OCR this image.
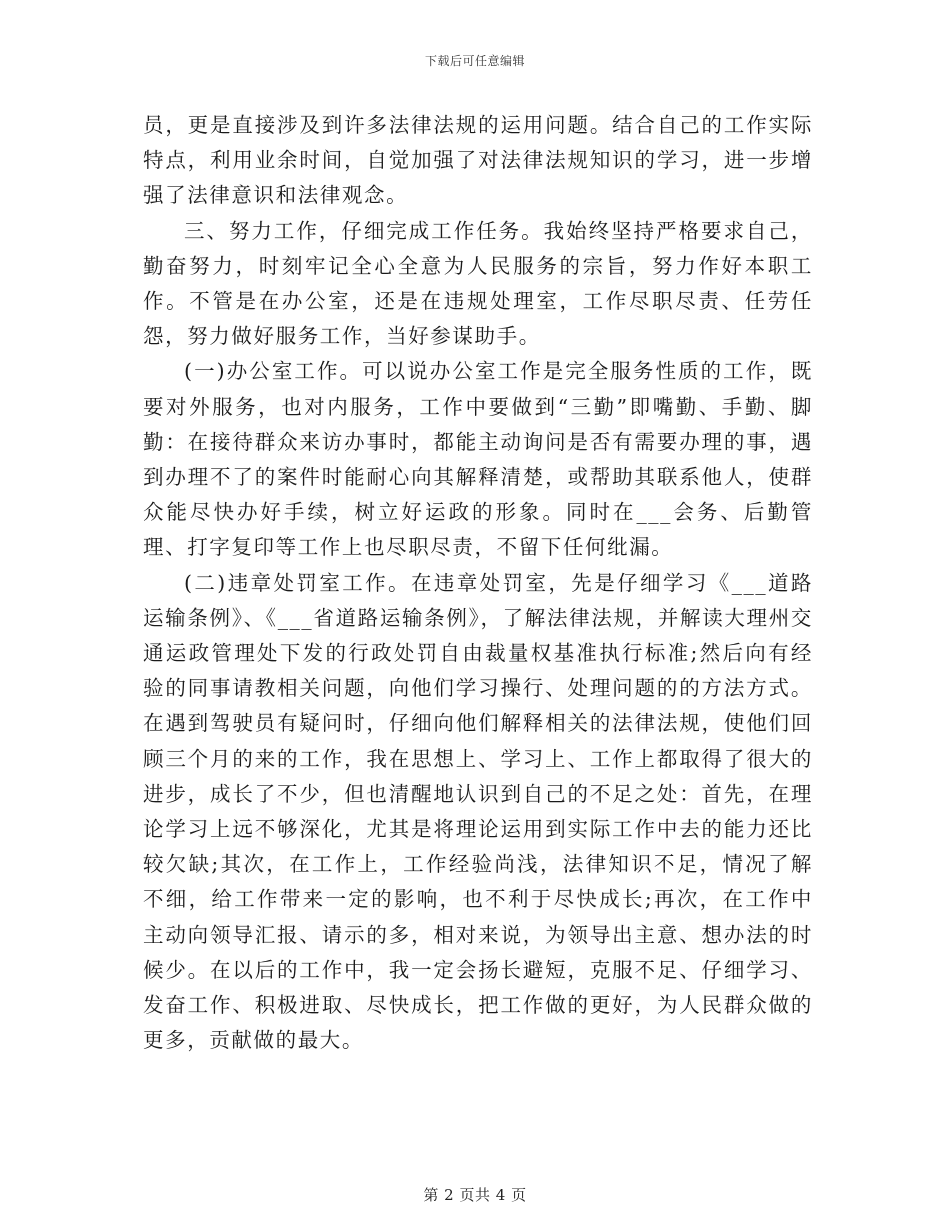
下载后可任意编辑

员，更是直接涉及到许多法律法规的运用问题。结合自己的工作实际特点，利用业余时间，自觉加强了对法律法规知识的学习，进一步增强了法律意识和法律观念。

三、努力工作，仔细完成工作任务。我始终坚持严格要求自己，勤奋努力，时刻牢记全心全意为人民服务的宗旨，努力作好本职工作。不管是在办公室，还是在违规处理室，工作尽职尽责、任劳任怨，努力做好服务工作，当好参谋助手。

(一)办公室工作。可以说办公室工作是完全服务性质的工作，既要对外服务，也对内服务，工作中要做到“三勤”即嘴勤、手勤、脚勤：在接待群众来访办事时，都能主动询问是否有需要办理的事，遇到办理不了的案件时能耐心向其解释清楚，或帮助其联系他人，使群众能尽快办好手续，树立好运政的形象。同时在___会务、后勤管理、打字复印等工作上也尽职尽责，不留下任何纰漏。

(二)违章处罚室工作。在违章处罚室，先是仔细学习《___道路运输条例》、《___省道路运输条例》，了解法律法规，并解读大理州交通运政管理处下发的行政处罚自由裁量权基准执行标准;然后向有经验的同事请教相关问题，向他们学习操行、处理问题的的方法方式。在遇到驾驶员有疑问时，仔细向他们解释相关的法律法规，使他们回顾三个月的来的工作，我在思想上、学习上、工作上都取得了很大的进步，成长了不少，但也清醒地认识到自己的不足之处：首先，在理论学习上远不够深化，尤其是将理论运用到实际工作中去的能力还比较欠缺;其次，在工作上，工作经验尚浅，法律知识不足，情况了解不细，给工作带来一定的影响，也不利于尽快成长;再次，在工作中主动向领导汇报、请示的多，相对来说，为领导出主意、想办法的时候少。在以后的工作中，我一定会扬长避短，克服不足、仔细学习、发奋工作、积极进取、尽快成长，把工作做的更好，为人民群众做的更多，贡献做的最大。

第 2 页共 4 页
